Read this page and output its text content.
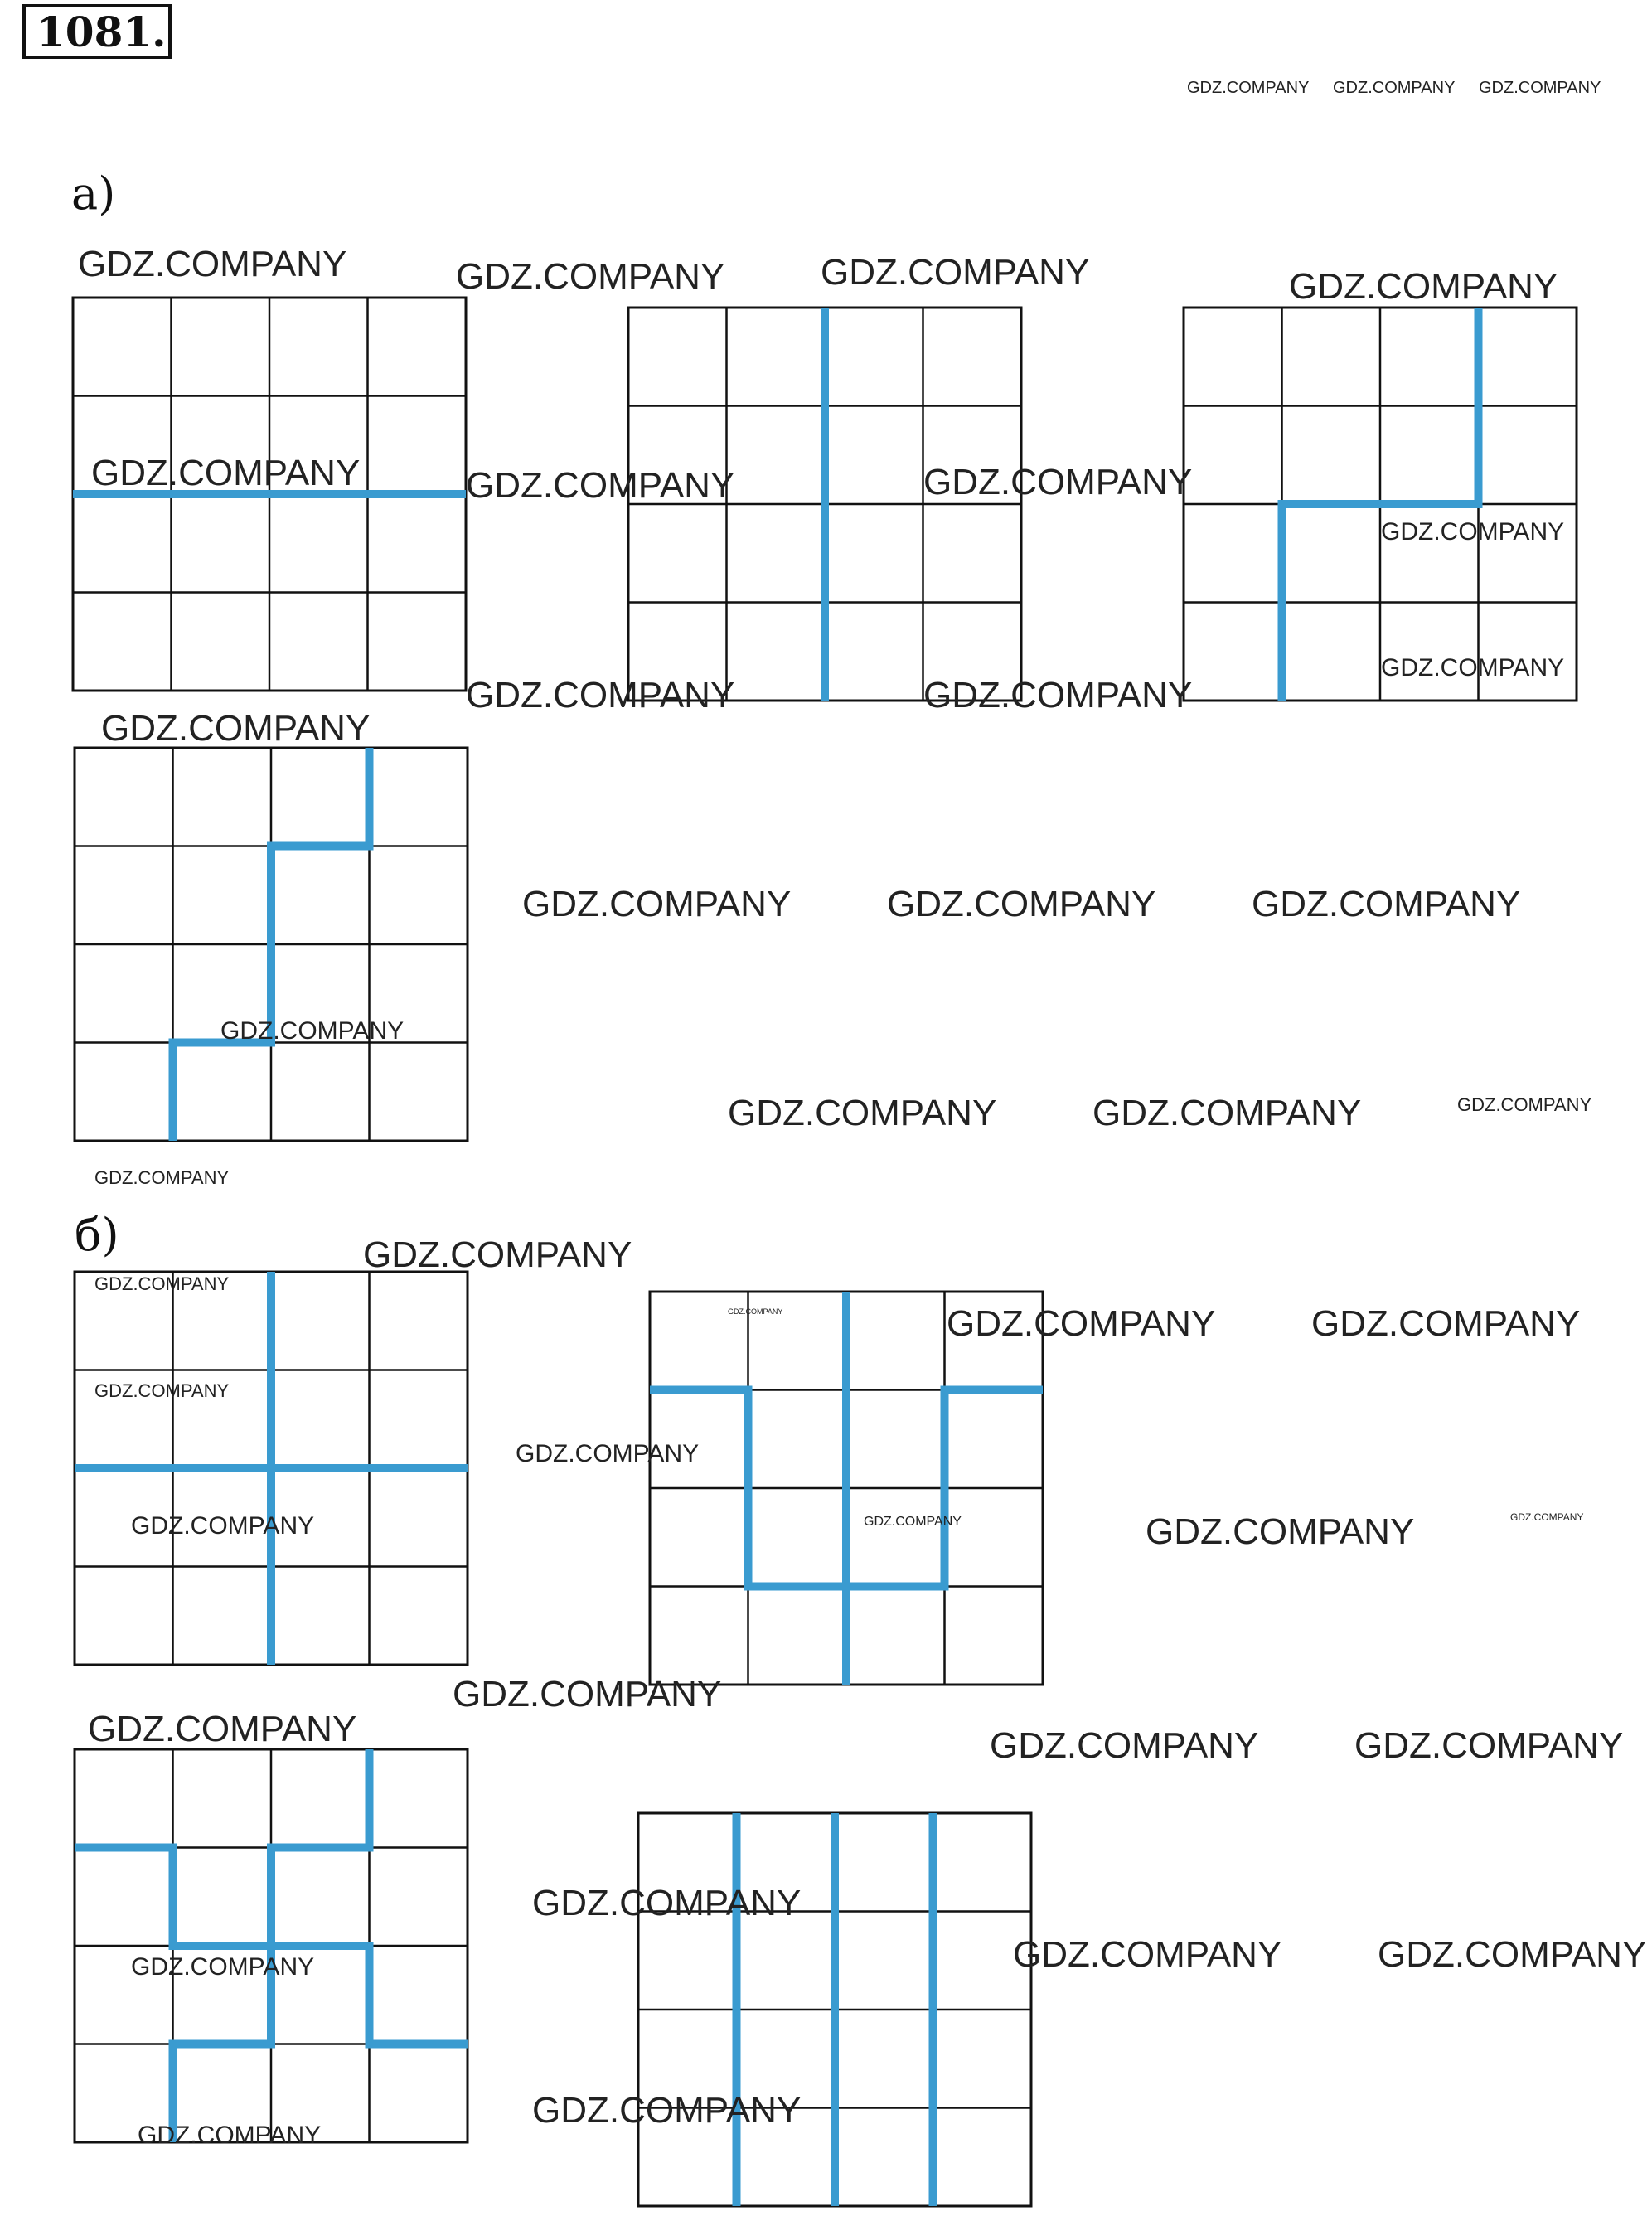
1081.
а)
б)
GDZ.COMPANY GDZ.COMPANY GDZ.COMPANY
GDZ.COMPANY	GDZ.COMPANY	GDZ.COMPANY	GDZ.COMPANY
GDZ.COMPANY	GDZ.COMPANY	GDZ.COMPANY
GDZ.COMPANY
GDZ.COMPANY	GDZ.COMPANY
GDZ.COMPANY
GDZ.COMPANY
GDZ.COMPANY	GDZ.COMPANY	GDZ.COMPANY
GDZ.COMPANY
GDZ.COMPANY	GDZ.COMPANY	GDZ.COMPANY
GDZ.COMPANY
GDZ.COMPANY
GDZ.COMPANY
GDZ.COMPANY	GDZ.COMPANY	GDZ.COMPANY
GDZ.COMPANY
GDZ.COMPANY
GDZ.COMPANY	GDZ.COMPANY	GDZ.COMPANY	GDZ.COMPANY
GDZ.COMPANY
GDZ.COMPANY	GDZ.COMPANY	GDZ.COMPANY
GDZ.COMPANY
GDZ.COMPANY	GDZ.COMPANY
GDZ.COMPANY
GDZ.COMPANY
GDZ.COMPANY
